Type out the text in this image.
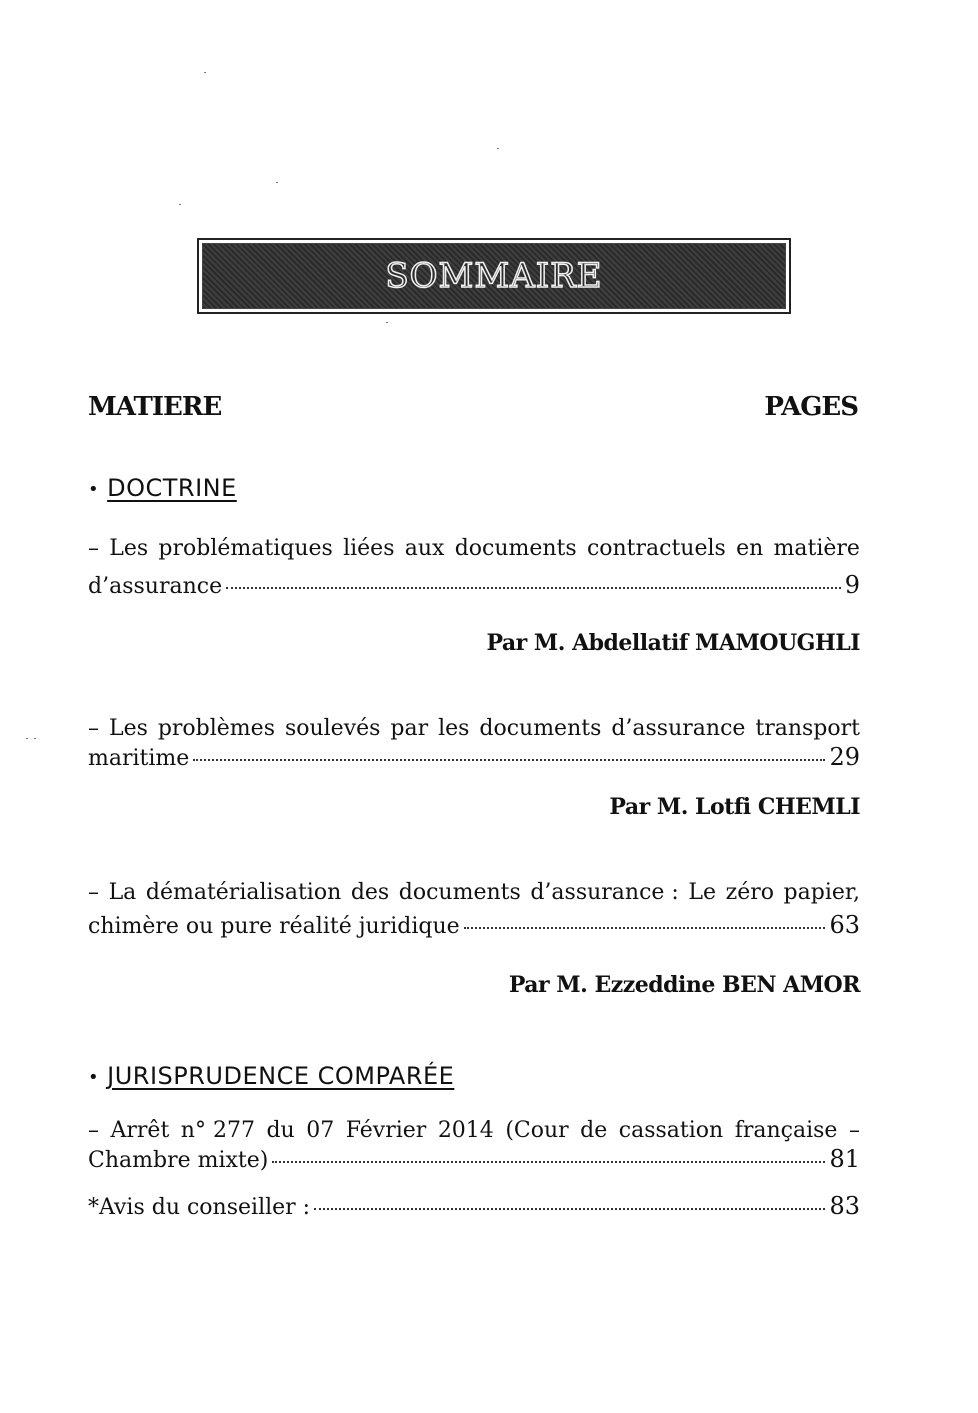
SOMMAIRE
MATIERE	PAGES
• DOCTRINE
– Les problématiques liées aux documents contractuels en matière
d’assurance	9
Par M. Abdellatif MAMOUGHLI
– Les problèmes soulevés par les documents d’assurance transport
maritime	29
Par M. Lotfi CHEMLI
– La dématérialisation des documents d’assurance : Le zéro papier,
chimère ou pure réalité juridique	63
Par M. Ezzeddine BEN AMOR
• JURISPRUDENCE COMPARÉE
– Arrêt n° 277 du 07 Février 2014 (Cour de cassation française –
Chambre mixte)	81
*Avis du conseiller :	83
